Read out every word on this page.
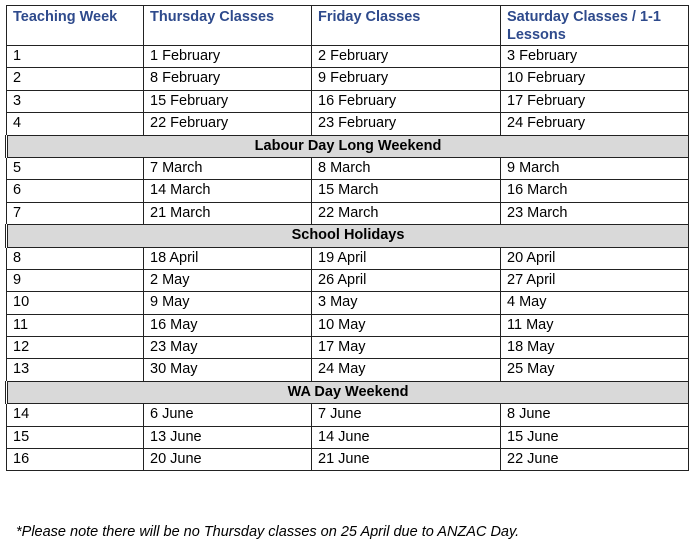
Teaching Week	Thursday Classes	Friday Classes	Saturday Classes / 1-1 Lessons
1	1 February	2 February	3 February
2	8 February	9 February	10 February
3	15 February	16 February	17 February
4	22 February	23 February	24 February
Labour Day Long Weekend			
5	7 March	8 March	9 March
6	14 March	15 March	16 March
7	21 March	22 March	23 March
School Holidays			
8	18 April	19 April	20 April
9	2 May	26 April	27 April
10	9 May	3 May	4 May
11	16 May	10 May	11 May
12	23 May	17 May	18 May
13	30 May	24 May	25 May
WA Day Weekend			
14	6 June	7 June	8 June
15	13 June	14 June	15 June
16	20 June	21 June	22 June
*Please note there will be no Thursday classes on 25 April due to ANZAC Day.
